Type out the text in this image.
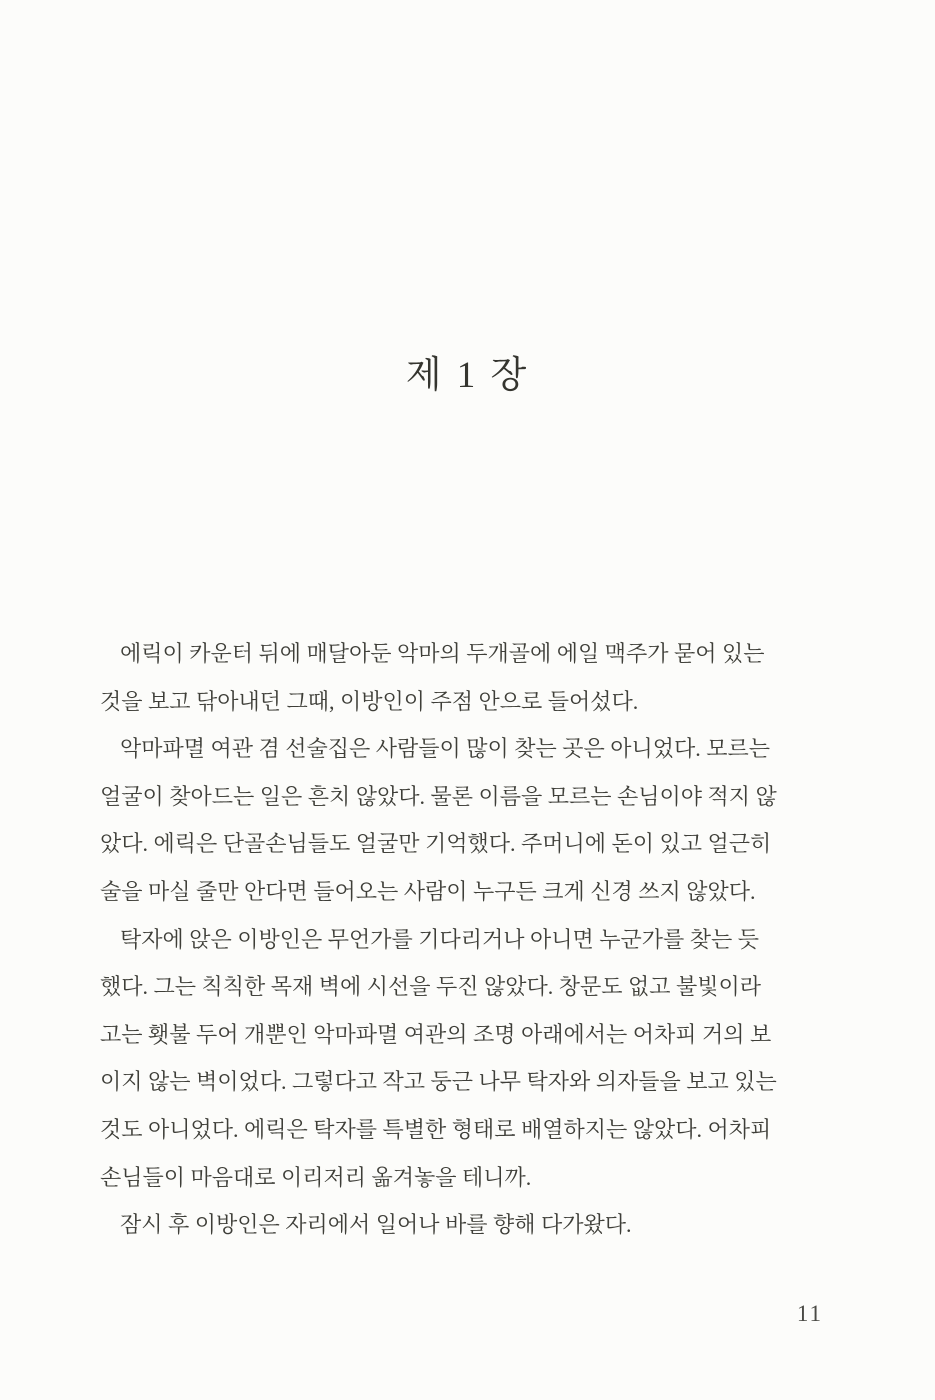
제 1 장
에릭이 카운터 뒤에 매달아둔 악마의 두개골에 에일 맥주가 묻어 있는
것을 보고 닦아내던 그때, 이방인이 주점 안으로 들어섰다.
악마파멸 여관 겸 선술집은 사람들이 많이 찾는 곳은 아니었다. 모르는
얼굴이 찾아드는 일은 흔치 않았다. 물론 이름을 모르는 손님이야 적지 않
았다. 에릭은 단골손님들도 얼굴만 기억했다. 주머니에 돈이 있고 얼근히
술을 마실 줄만 안다면 들어오는 사람이 누구든 크게 신경 쓰지 않았다.
탁자에 앉은 이방인은 무언가를 기다리거나 아니면 누군가를 찾는 듯
했다. 그는 칙칙한 목재 벽에 시선을 두진 않았다. 창문도 없고 불빛이라
고는 횃불 두어 개뿐인 악마파멸 여관의 조명 아래에서는 어차피 거의 보
이지 않는 벽이었다. 그렇다고 작고 둥근 나무 탁자와 의자들을 보고 있는
것도 아니었다. 에릭은 탁자를 특별한 형태로 배열하지는 않았다. 어차피
손님들이 마음대로 이리저리 옮겨놓을 테니까.
잠시 후 이방인은 자리에서 일어나 바를 향해 다가왔다.
11
